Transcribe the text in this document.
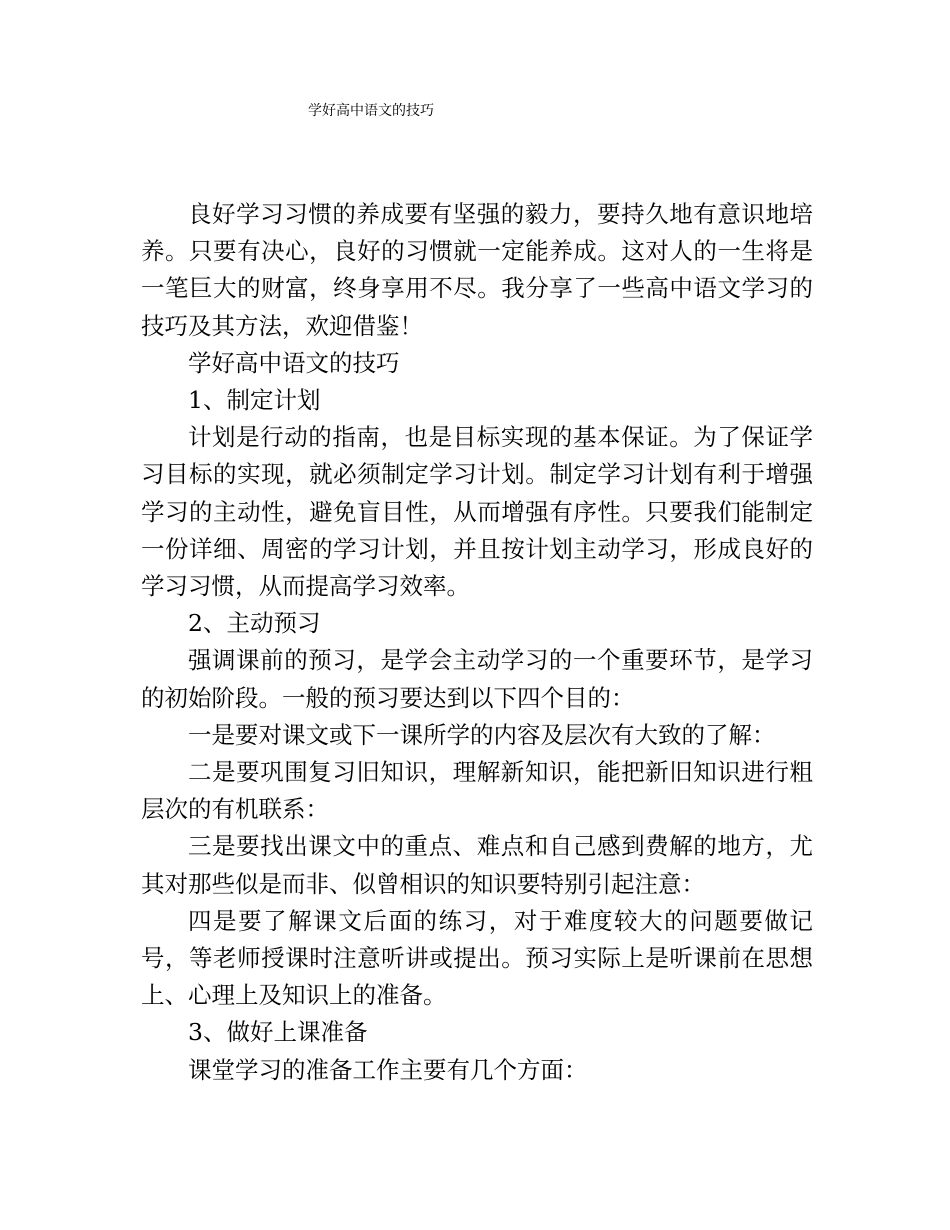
学好高中语文的技巧

良好学习习惯的养成要有坚强的毅力，要持久地有意识地培养。只要有决心，良好的习惯就一定能养成。这对人的一生将是一笔巨大的财富，终身享用不尽。我分享了一些高中语文学习的技巧及其方法，欢迎借鉴！

学好高中语文的技巧

1、制定计划

计划是行动的指南，也是目标实现的基本保证。为了保证学习目标的实现，就必须制定学习计划。制定学习计划有利于增强学习的主动性，避免盲目性，从而增强有序性。只要我们能制定一份详细、周密的学习计划，并且按计划主动学习，形成良好的学习习惯，从而提高学习效率。

2、主动预习

强调课前的预习，是学会主动学习的一个重要环节，是学习的初始阶段。一般的预习要达到以下四个目的：

一是要对课文或下一课所学的内容及层次有大致的了解：

二是要巩围复习旧知识，理解新知识，能把新旧知识进行粗层次的有机联系：

三是要找出课文中的重点、难点和自己感到费解的地方，尤其对那些似是而非、似曾相识的知识要特别引起注意：

四是要了解课文后面的练习，对于难度较大的问题要做记号，等老师授课时注意听讲或提出。预习实际上是听课前在思想上、心理上及知识上的准备。

3、做好上课准备

课堂学习的准备工作主要有几个方面：
